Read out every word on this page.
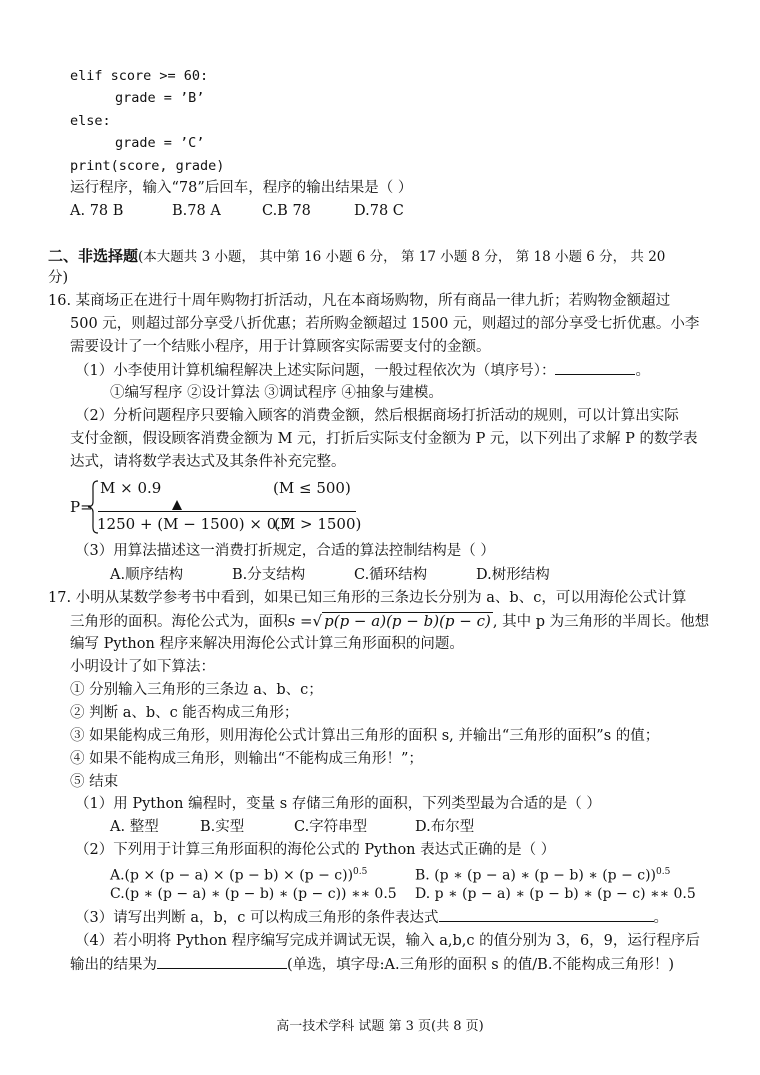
elif score >= 60:
grade = ’B’
else:
grade = ’C’
print(score, grade)
运行程序，输入“78”后回车，程序的输出结果是（ ）
A. 78 B	B.78 A	C.B 78	D.78 C
二、非选择题(本大题共 3 小题， 其中第 16 小题 6 分， 第 17 小题 8 分， 第 18 小题 6 分， 共 20
分)
16. 某商场正在进行十周年购物打折活动，凡在本商场购物，所有商品一律九折；若购物金额超过
500 元，则超过部分享受八折优惠；若所购金额超过 1500 元，则超过的部分享受七折优惠。小李
需要设计了一个结账小程序，用于计算顾客实际需要支付的金额。
（1）小李使用计算机编程解决上述实际问题，一般过程依次为（填序号）：	。
①编写程序 ②设计算法 ③调试程序 ④抽象与建模。
（2）分析问题程序只要输入顾客的消费金额，然后根据商场打折活动的规则，可以计算出实际
支付金额，假设顾客消费金额为 M 元，打折后实际支付金额为 P 元，以下列出了求解 P 的数学表
达式，请将数学表达式及其条件补充完整。
P=
M × 0.9	(M ≤ 500)
1250 + (M − 1500) × 0.7
(M > 1500)
（3）用算法描述这一消费打折规定，合适的算法控制结构是（ ）
A.顺序结构	B.分支结构	C.循环结构	D.树形结构
17. 小明从某数学参考书中看到，如果已知三角形的三条边长分别为 a、b、c，可以用海伦公式计算
三角形的面积。海伦公式为，面积s =√ p(p − a)(p − b)(p − c) , 其中 p 为三角形的半周长。他想
编写 Python 程序来解决用海伦公式计算三角形面积的问题。
小明设计了如下算法：
① 分别输入三角形的三条边 a、b、c；
② 判断 a、b、c 能否构成三角形；
③ 如果能构成三角形，则用海伦公式计算出三角形的面积 s, 并输出“三角形的面积”s 的值；
④ 如果不能构成三角形，则输出“不能构成三角形！”；
⑤ 结束
（1）用 Python 编程时，变量 s 存储三角形的面积，下列类型最为合适的是（ ）
A. 整型	B.实型	C.字符串型	D.布尔型
（2）下列用于计算三角形面积的海伦公式的 Python 表达式正确的是（ ）
$A.(p \times (p - a) \times (p - b) \times (p - c))^{0.5}$	B. (p ∗ (p − a) ∗ (p − b) ∗ (p − c))$^{0.5}$
C.(p ∗ (p − a) ∗ (p − b) ∗ (p − c)) ∗∗ 0.5 D. p ∗ (p − a) ∗ (p − b) ∗ (p − c) ∗∗ 0.5
（3）请写出判断 a，b，c 可以构成三角形的条件表达式	。
（4）若小明将 Python 程序编写完成并调试无误，输入 a,b,c 的值分别为 3，6，9，运行程序后
输出的结果为	(单选，填字母:A.三角形的面积 s 的值/B.不能构成三角形！)
高一技术学科 试题 第 3 页(共 8 页)
